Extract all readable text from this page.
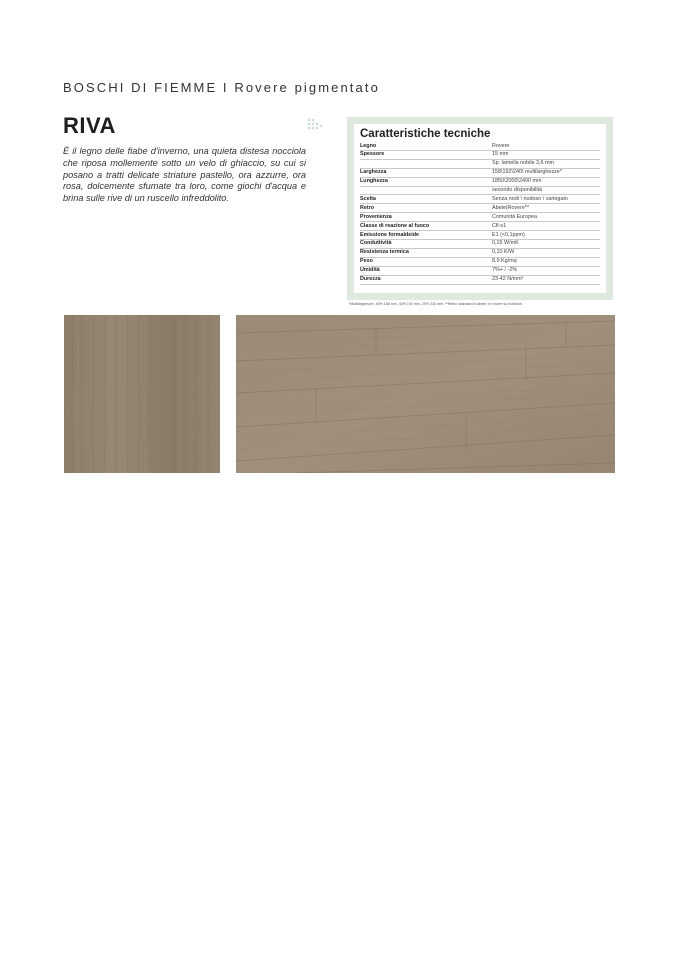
BOSCHI DI FIEMME I Rovere pigmentato
RIVA

È il legno delle fiabe d'inverno, una quieta distesa nocciola che riposa mollemente sotto un velo di ghiaccio, su cui si posano a tratti delicate striature pastello, ora azzurre, ora rosa, dolcemente sfumate tra loro, come giochi d'acqua e brina sulle rive di un ruscello infreddolito.

Caratteristiche tecniche
Legno	Rovere
Spessore	15 mm
	Sp. lamella nobile 3,6 mm
Larghezza	158\192\240\ multilarghezze*
Lunghezza	1850\2000\2400 mm
	secondo disponibilità
Scelta	Senza nodi \ nodoso \ variegato
Retro	Abete|Rovere**
Provenienza	Comunità Europea
Classe di reazione al fuoco	Cfl-s1
Emissione formaldeide	E1 (<0,1ppm)
Conduttività	0,15 W/mK
Resistenza termica	0,10 K/W
Peso	8,9 Kg/mq
Umidità	7%+ / -2%
Durezza	23-42 N/mm²
*Multilarghezze: 40% 158 mm, 40% 192 mm, 20% 240 mm. **Retro: standard in abete; in rovere su richiesta
